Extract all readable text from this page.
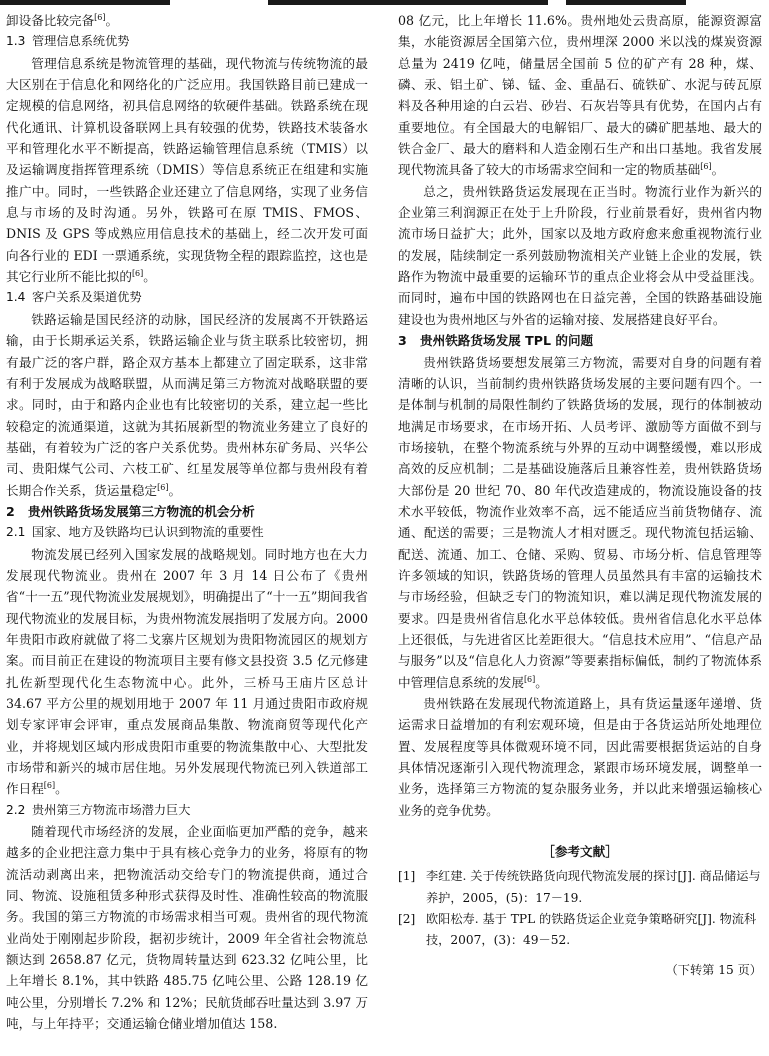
卸设备比较完备[6]。

1.3 管理信息系统优势

管理信息系统是物流管理的基础，现代物流与传统物流的最大区别在于信息化和网络化的广泛应用。我国铁路目前已建成一定规模的信息网络，初具信息网络的软硬件基础。铁路系统在现代化通讯、计算机设备联网上具有较强的优势，铁路技术装备水平和管理化水平不断提高，铁路运输管理信息系统（TMIS）以及运输调度指挥管理系统（DMIS）等信息系统正在组建和实施推广中。同时，一些铁路企业还建立了信息网络，实现了业务信息与市场的及时沟通。另外，铁路可在原 TMIS、FMOS、DNIS 及 GPS 等成熟应用信息技术的基础上，经二次开发可面向各行业的 EDI 一票通系统，实现货物全程的跟踪监控，这也是其它行业所不能比拟的[6]。

1.4 客户关系及渠道优势

铁路运输是国民经济的动脉，国民经济的发展离不开铁路运输，由于长期承运关系，铁路运输企业与货主联系比较密切，拥有最广泛的客户群，路企双方基本上都建立了固定联系，这非常有利于发展成为战略联盟，从而满足第三方物流对战略联盟的要求。同时，由于和路内企业也有比较密切的关系，建立起一些比较稳定的流通渠道，这就为其拓展新型的物流业务建立了良好的基础，有着较为广泛的客户关系优势。贵州林东矿务局、兴华公司、贵阳煤气公司、六枝工矿、红星发展等单位都与贵州段有着长期合作关系，货运量稳定[6]。

2 贵州铁路货场发展第三方物流的机会分析
2.1 国家、地方及铁路均已认识到物流的重要性

物流发展已经列入国家发展的战略规划。同时地方也在大力发展现代物流业。贵州在 2007 年 3 月 14 日公布了《贵州省“十一五”现代物流业发展规划》，明确提出了“十一五”期间我省现代物流业的发展目标，为贵州物流发展指明了发展方向。2000 年贵阳市政府就做了将二戈寨片区规划为贵阳物流园区的规划方案。而目前正在建设的物流项目主要有修文县投资 3.5 亿元修建扎佐新型现代化生态物流中心。此外，三桥马王庙片区总计 34.67 平方公里的规划用地于 2007 年 11 月通过贵阳市政府规划专家评审会评审，重点发展商品集散、物流商贸等现代化产业，并将规划区域内形成贵阳市重要的物流集散中心、大型批发市场带和新兴的城市居住地。另外发展现代物流已列入铁道部工作日程[6]。

2.2 贵州第三方物流市场潜力巨大

随着现代市场经济的发展，企业面临更加严酷的竞争，越来越多的企业把注意力集中于具有核心竞争力的业务，将原有的物流活动剥离出来，把物流活动交给专门的物流提供商，通过合同、物流、设施租赁多种形式获得及时性、准确性较高的物流服务。我国的第三方物流的市场需求相当可观。贵州省的现代物流业尚处于刚刚起步阶段，据初步统计，2009 年全省社会物流总额达到 2658.87 亿元，货物周转量达到 623.32 亿吨公里，比上年增长 8.1%，其中铁路 485.75 亿吨公里、公路 128.19 亿吨公里，分别增长 7.2% 和 12%；民航货邮吞吐量达到 3.97 万吨，与上年持平；交通运输仓储业增加值达 158.

08 亿元，比上年增长 11.6%。贵州地处云贵高原，能源资源富集，水能资源居全国第六位，贵州埋深 2000 米以浅的煤炭资源总量为 2419 亿吨，储量居全国前 5 位的矿产有 28 种，煤、磷、汞、铝土矿、锑、锰、金、重晶石、硫铁矿、水泥与砖瓦原料及各种用途的白云岩、砂岩、石灰岩等具有优势，在国内占有重要地位。有全国最大的电解铝厂、最大的磷矿肥基地、最大的铁合金厂、最大的磨料和人造金刚石生产和出口基地。我省发展现代物流具备了较大的市场需求空间和一定的物质基础[6]。

总之，贵州铁路货运发展现在正当时。物流行业作为新兴的企业第三利润源正在处于上升阶段，行业前景看好，贵州省内物流市场日益扩大；此外，国家以及地方政府愈来愈重视物流行业的发展，陆续制定一系列鼓励物流相关产业链上企业的发展，铁路作为物流中最重要的运输环节的重点企业将会从中受益匪浅。而同时，遍布中国的铁路网也在日益完善，全国的铁路基础设施建设也为贵州地区与外省的运输对接、发展搭建良好平台。

3 贵州铁路货场发展 TPL 的问题

贵州铁路货场要想发展第三方物流，需要对自身的问题有着清晰的认识，当前制约贵州铁路货场发展的主要问题有四个。一是体制与机制的局限性制约了铁路货场的发展，现行的体制被动地满足市场要求，在市场开拓、人员考评、激励等方面做不到与市场接轨，在整个物流系统与外界的互动中调整缓慢，难以形成高效的反应机制；二是基础设施落后且兼容性差，贵州铁路货场大部份是 20 世纪 70、80 年代改造建成的，物流设施设备的技术水平较低，物流作业效率不高，远不能适应当前货物储存、流通、配送的需要；三是物流人才相对匮乏。现代物流包括运输、配送、流通、加工、仓储、采购、贸易、市场分析、信息管理等许多领域的知识，铁路货场的管理人员虽然具有丰富的运输技术与市场经验，但缺乏专门的物流知识，难以满足现代物流发展的要求。四是贵州省信息化水平总体较低。贵州省信息化水平总体上还很低，与先进省区比差距很大。“信息技术应用”、“信息产品与服务”以及“信息化人力资源”等要素指标偏低，制约了物流体系中管理信息系统的发展[6]。

贵州铁路在发展现代物流道路上，具有货运量逐年递增、货运需求日益增加的有利宏观环境，但是由于各货运站所处地理位置、发展程度等具体微观环境不同，因此需要根据货运站的自身具体情况逐渐引入现代物流理念，紧跟市场环境发展，调整单一业务，选择第三方物流的复杂服务业务，并以此来增强运输核心业务的竞争优势。

［参考文献］
[1] 李红建. 关于传统铁路货向现代物流发展的探讨[J]. 商品储运与养护，2005，(5)：17－19.
[2] 欧阳松寿. 基于 TPL 的铁路货运企业竞争策略研究[J]. 物流科技，2007，(3)：49－52.
（下转第 15 页）
